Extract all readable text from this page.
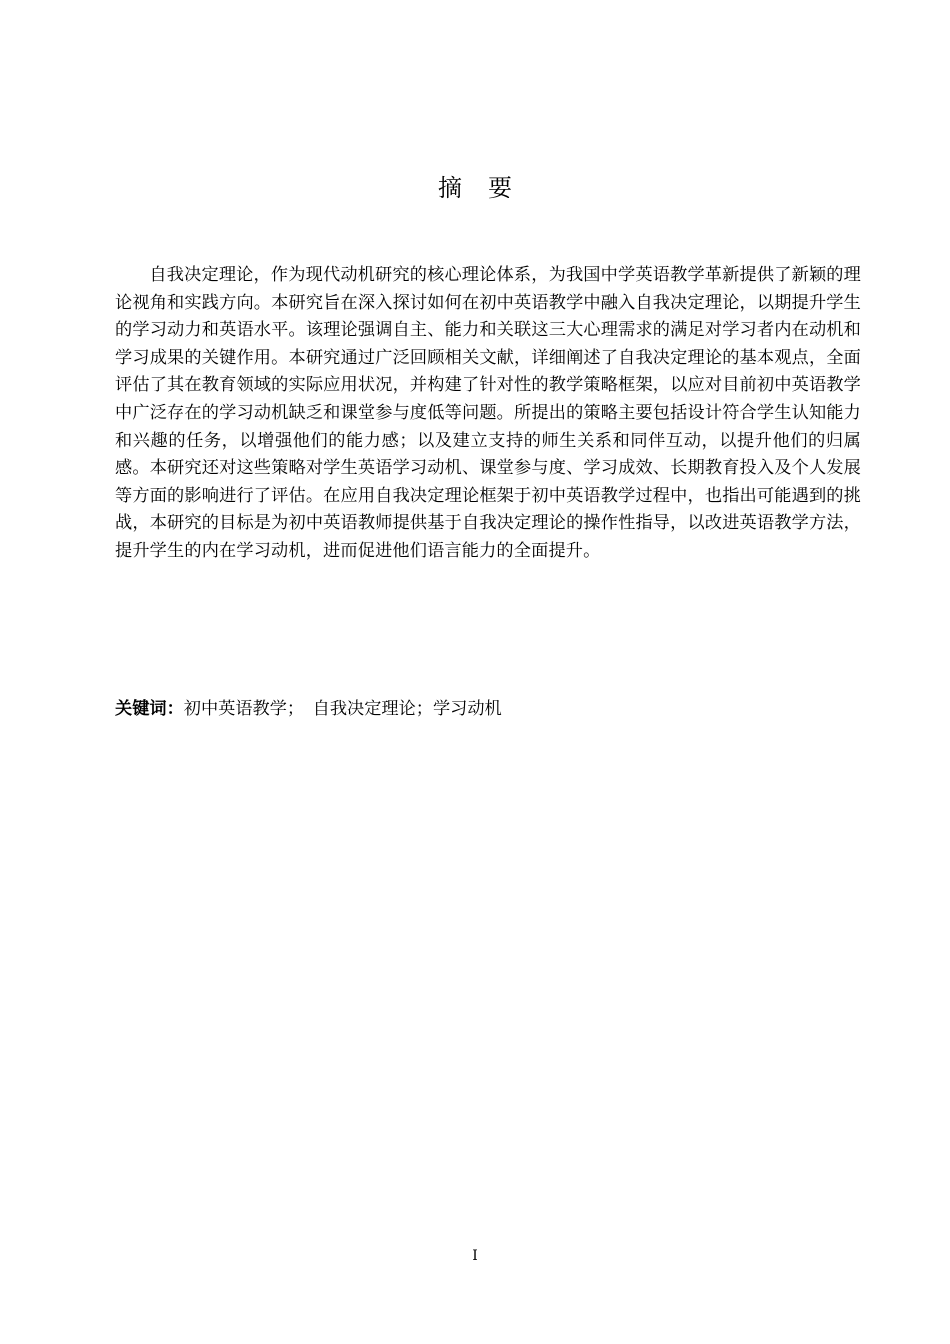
摘要

自我决定理论，作为现代动机研究的核心理论体系，为我国中学英语教学革新提供了新颖的理论视角和实践方向。本研究旨在深入探讨如何在初中英语教学中融入自我决定理论，以期提升学生的学习动力和英语水平。该理论强调自主、能力和关联这三大心理需求的满足对学习者内在动机和学习成果的关键作用。本研究通过广泛回顾相关文献，详细阐述了自我决定理论的基本观点，全面评估了其在教育领域的实际应用状况，并构建了针对性的教学策略框架，以应对目前初中英语教学中广泛存在的学习动机缺乏和课堂参与度低等问题。所提出的策略主要包括设计符合学生认知能力和兴趣的任务，以增强他们的能力感；以及建立支持的师生关系和同伴互动，以提升他们的归属感。本研究还对这些策略对学生英语学习动机、课堂参与度、学习成效、长期教育投入及个人发展等方面的影响进行了评估。在应用自我决定理论框架于初中英语教学过程中，也指出可能遇到的挑战，本研究的目标是为初中英语教师提供基于自我决定理论的操作性指导，以改进英语教学方法，提升学生的内在学习动机，进而促进他们语言能力的全面提升。

关键词：初中英语教学；　自我决定理论；学习动机
I
